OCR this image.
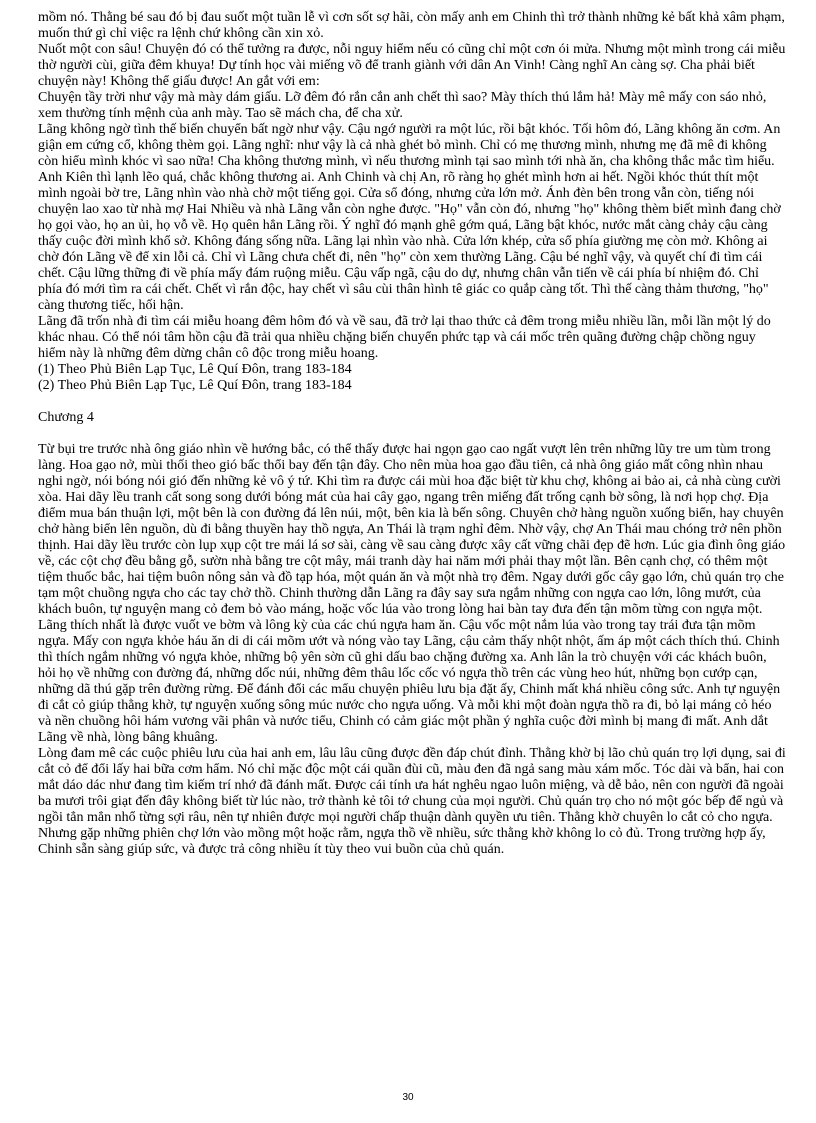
mồm nó. Thằng bé sau đó bị đau suốt một tuần lễ vì cơn sốt sợ hãi, còn mấy anh em Chinh thì trở thành những kẻ bất khả xâm phạm, muốn thứ gì chỉ việc ra lệnh chứ không cần xin xỏ.

Nuốt một con sâu! Chuyện đó có thể tưởng ra được, nỗi nguy hiểm nếu có cũng chỉ một cơn ói mửa. Nhưng một mình trong cái miễu thờ người cùi, giữa đêm khuya! Dự tính học vài miếng võ để tranh giành với dân An Vinh! Càng nghĩ An càng sợ. Cha phải biết chuyện này! Không thể giấu được! An gắt với em:

Chuyện tầy trời như vậy mà mày dám giấu. Lỡ đêm đó rắn cắn anh chết thì sao? Mày thích thú lắm hả! Mày mê mấy con sáo nhỏ, xem thường tính mệnh của anh mày. Tao sẽ mách cha, để cha xử.

Lãng không ngờ tình thế biến chuyển bất ngờ như vậy. Cậu ngớ người ra một lúc, rồi bật khóc. Tối hôm đó, Lãng không ăn cơm. An giận em cứng cổ, không thèm gọi. Lãng nghĩ: như vậy là cả nhà ghét bỏ mình. Chỉ có mẹ thương mình, nhưng mẹ đã mê đi không còn hiểu mình khóc vì sao nữa! Cha không thương mình, vì nếu thương mình tại sao mình tới nhà ăn, cha không thắc mắc tìm hiểu. Anh Kiên thì lạnh lẽo quá, chắc không thương ai. Anh Chinh và chị An, rõ ràng họ ghét mình hơn ai hết. Ngồi khóc thút thít một mình ngoài bờ tre, Lãng nhìn vào nhà chờ một tiếng gọi. Cửa sổ đóng, nhưng cửa lớn mở. Ánh đèn bên trong vẫn còn, tiếng nói chuyện lao xao từ nhà mợ Hai Nhiều và nhà Lãng vẫn còn nghe được. "Họ" vẫn còn đó, nhưng "họ" không thèm biết mình đang chờ họ gọi vào, họ an ủi, họ vỗ về. Họ quên hẳn Lãng rồi. Ý nghĩ đó mạnh ghê gớm quá, Lãng bật khóc, nước mắt càng chảy cậu càng thấy cuộc đời mình khổ sở. Không đáng sống nữa. Lãng lại nhìn vào nhà. Cửa lớn khép, cửa sổ phía giường mẹ còn mở. Không ai chờ đón Lãng về để xin lỗi cả. Chỉ vì Lãng chưa chết đi, nên "họ" còn xem thường Lãng. Cậu bé nghĩ vậy, và quyết chí đi tìm cái chết. Cậu lững thững đi về phía mấy đám ruộng miễu. Cậu vấp ngã, cậu do dự, nhưng chân vẫn tiến về cái phía bí nhiệm đó. Chỉ phía đó mới tìm ra cái chết. Chết vì rắn độc, hay chết vì sâu cùi thân hình tê giác co quắp càng tốt. Thì thế càng thảm thương, "họ" càng thương tiếc, hối hận.

Lãng đã trốn nhà đi tìm cái miễu hoang đêm hôm đó và về sau, đã trở lại thao thức cả đêm trong miễu nhiều lần, mỗi lần một lý do khác nhau. Có thể nói tâm hồn cậu đã trải qua nhiều chặng biến chuyển phức tạp và cái mốc trên quãng đường chập chồng nguy hiểm này là những đêm dừng chân cô độc trong miễu hoang.

(1) Theo Phủ Biên Lạp Tục, Lê Quí Đôn, trang 183-184

(2) Theo Phủ Biên Lạp Tục, Lê Quí Đôn, trang 183-184

Chương 4

Từ bụi tre trước nhà ông giáo nhìn về hướng bắc, có thể thấy được hai ngọn gạo cao ngất vượt lên trên những lũy tre um tùm trong làng. Hoa gạo nở, mùi thối theo gió bấc thổi bay đến tận đây. Cho nên mùa hoa gạo đầu tiên, cả nhà ông giáo mất công nhìn nhau nghi ngờ, nói bóng nói gió đến những kẻ vô ý tứ. Khi tìm ra được cái mùi hoa đặc biệt từ khu chợ, không ai bảo ai, cả nhà cùng cười xòa. Hai dãy lều tranh cất song song dưới bóng mát của hai cây gạo, ngang trên miếng đất trống cạnh bờ sông, là nơi họp chợ. Địa điểm mua bán thuận lợi, một bên là con đường đá lên núi, một, bên kia là bến sông. Chuyên chở hàng nguồn xuống biển, hay chuyên chở hàng biển lên nguồn, dù đi bằng thuyền hay thồ ngựa, An Thái là trạm nghỉ đêm. Nhờ vậy, chợ An Thái mau chóng trở nên phồn thịnh. Hai dãy lều trước còn lụp xụp cột tre mái lá sơ sài, càng về sau càng được xây cất vững chãi đẹp đẽ hơn. Lúc gia đình ông giáo về, các cột chợ đều bằng gỗ, sườn nhà bằng tre cột mây, mái tranh dày hai năm mới phải thay một lần. Bên cạnh chợ, có thêm một tiệm thuốc bắc, hai tiệm buôn nông sản và đồ tạp hóa, một quán ăn và một nhà trọ đêm. Ngay dưới gốc cây gạo lớn, chủ quán trọ che tạm một chuồng ngựa cho các tay chở thồ. Chinh thường dẫn Lãng ra đây say sưa ngắm những con ngựa cao lớn, lông mướt, của khách buôn, tự nguyện mang cỏ đem bỏ vào máng, hoặc vốc lúa vào trong lòng hai bàn tay đưa đến tận mõm từng con ngựa một. Lãng thích nhất là được vuốt ve bờm và lông kỳ của các chú ngựa ham ăn. Cậu vốc một nắm lúa vào trong tay trái đưa tận mõm ngựa. Mấy con ngựa khỏe háu ăn di di cái mõm ướt và nóng vào tay Lãng, cậu cảm thấy nhột nhột, ấm áp một cách thích thú. Chinh thì thích ngắm những vó ngựa khỏe, những bộ yên sờn cũ ghi dấu bao chặng đường xa. Anh lân la trò chuyện với các khách buôn, hỏi họ về những con đường đá, những dốc núi, những đêm thâu lốc cốc vó ngựa thồ trên các vùng heo hút, những bọn cướp cạn, những dã thú gặp trên đường rừng. Để đánh đổi các mẩu chuyện phiêu lưu bịa đặt ấy, Chinh mất khá nhiều công sức. Anh tự nguyện đi cắt cỏ giúp thằng khờ, tự nguyện xuống sông múc nước cho ngựa uống. Và mỗi khi một đoàn ngựa thồ ra đi, bỏ lại máng cỏ héo và nền chuồng hôi hám vương vãi phân và nước tiểu, Chinh có cảm giác một phần ý nghĩa cuộc đời mình bị mang đi mất. Anh dắt Lãng về nhà, lòng bâng khuâng.

Lòng đam mê các cuộc phiêu lưu của hai anh em, lâu lâu cũng được đền đáp chút đỉnh. Thằng khờ bị lão chủ quán trọ lợi dụng, sai đi cắt cỏ để đổi lấy hai bữa cơm hẩm. Nó chỉ mặc độc một cái quần đùi cũ, màu đen đã ngả sang màu xám mốc. Tóc dài và bẩn, hai con mắt dáo dác như đang tìm kiếm trí nhớ đã đánh mất. Được cái tính ưa hát nghêu ngao luôn miệng, và dễ bảo, nên con người đã ngoài ba mươi trôi giạt đến đây không biết từ lúc nào, trở thành kẻ tôi tớ chung của mọi người. Chủ quán trọ cho nó một góc bếp để ngủ và ngồi tẳn mẳn nhổ từng sợi râu, nên tự nhiên được mọi người chấp thuận dành quyền ưu tiên. Thằng khờ chuyên lo cắt cỏ cho ngựa. Nhưng gặp những phiên chợ lớn vào mồng một hoặc rằm, ngựa thồ về nhiều, sức thằng khờ không lo cỏ đủ. Trong trường hợp ấy, Chinh sẵn sàng giúp sức, và được trả công nhiều ít tùy theo vui buồn của chủ quán.

30
